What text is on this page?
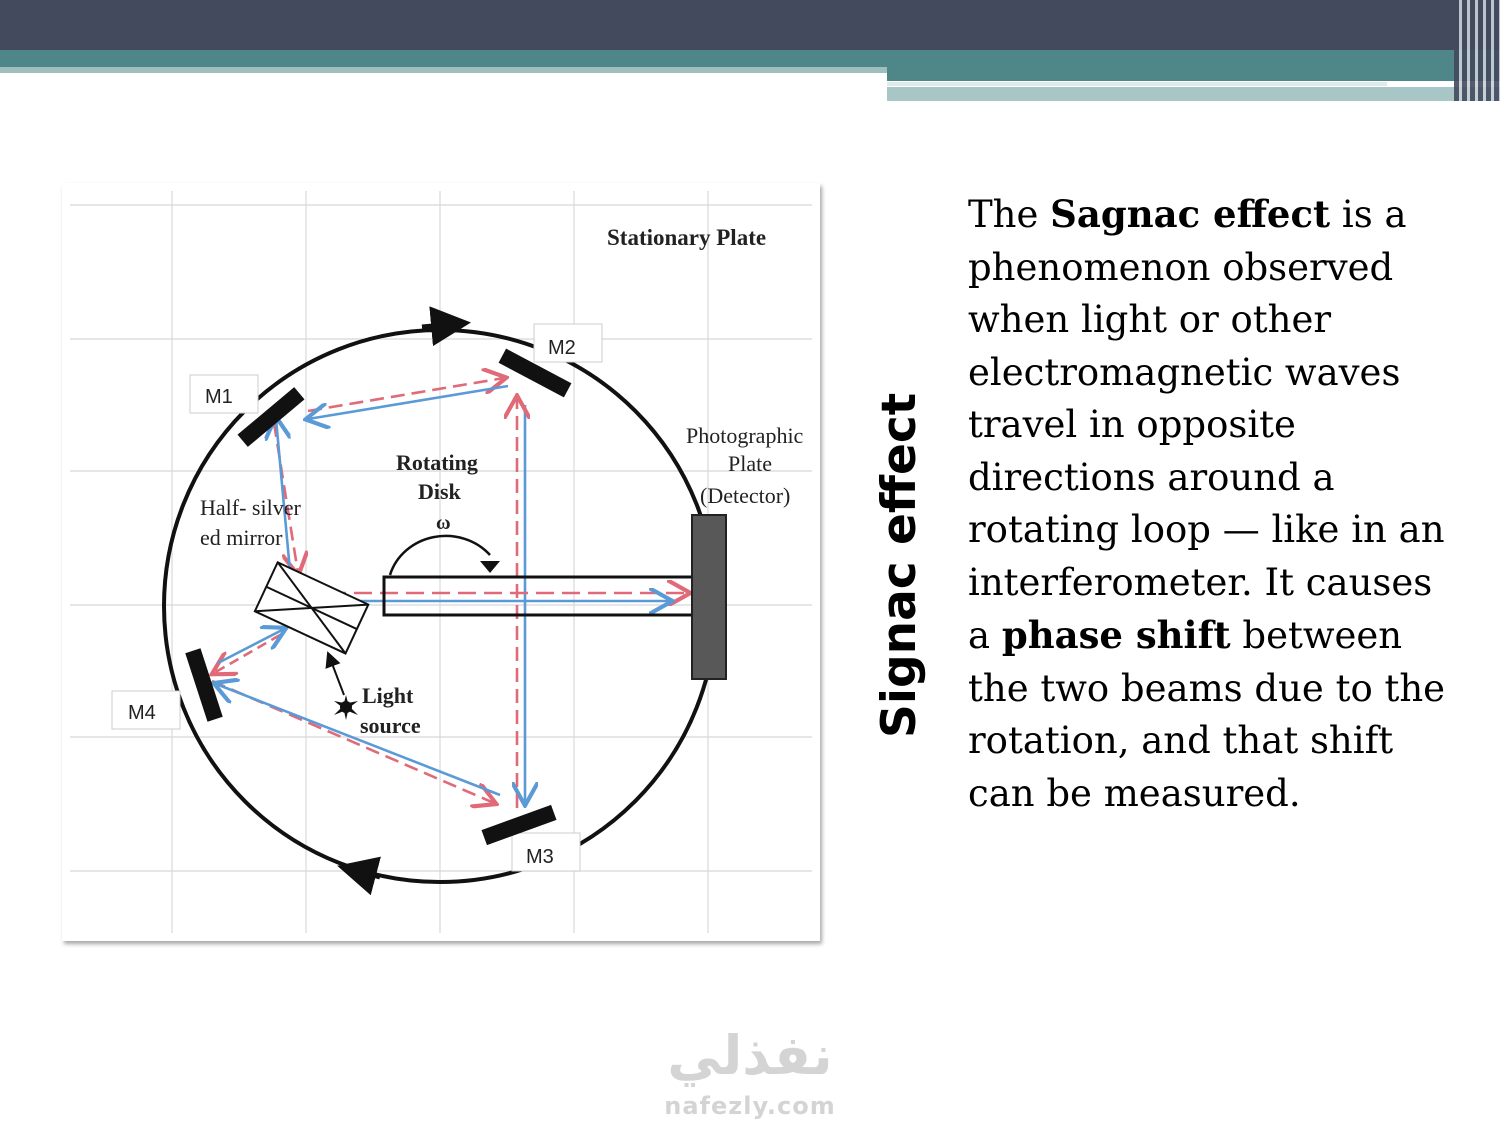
Stationary Plate
M1
M2
M3
M4
Photographic
Plate
(Detector)
Rotating
Disk
ω
Half- silver
ed mirror
Light
source	Signac effect
The Sagnac effect is a phenomenon observed when light or other electromagnetic waves travel in opposite directions around a rotating loop — like in an interferometer. It causes a phase shift between the two beams due to the rotation, and that shift can be measured.
نفذلي
nafezly.com
